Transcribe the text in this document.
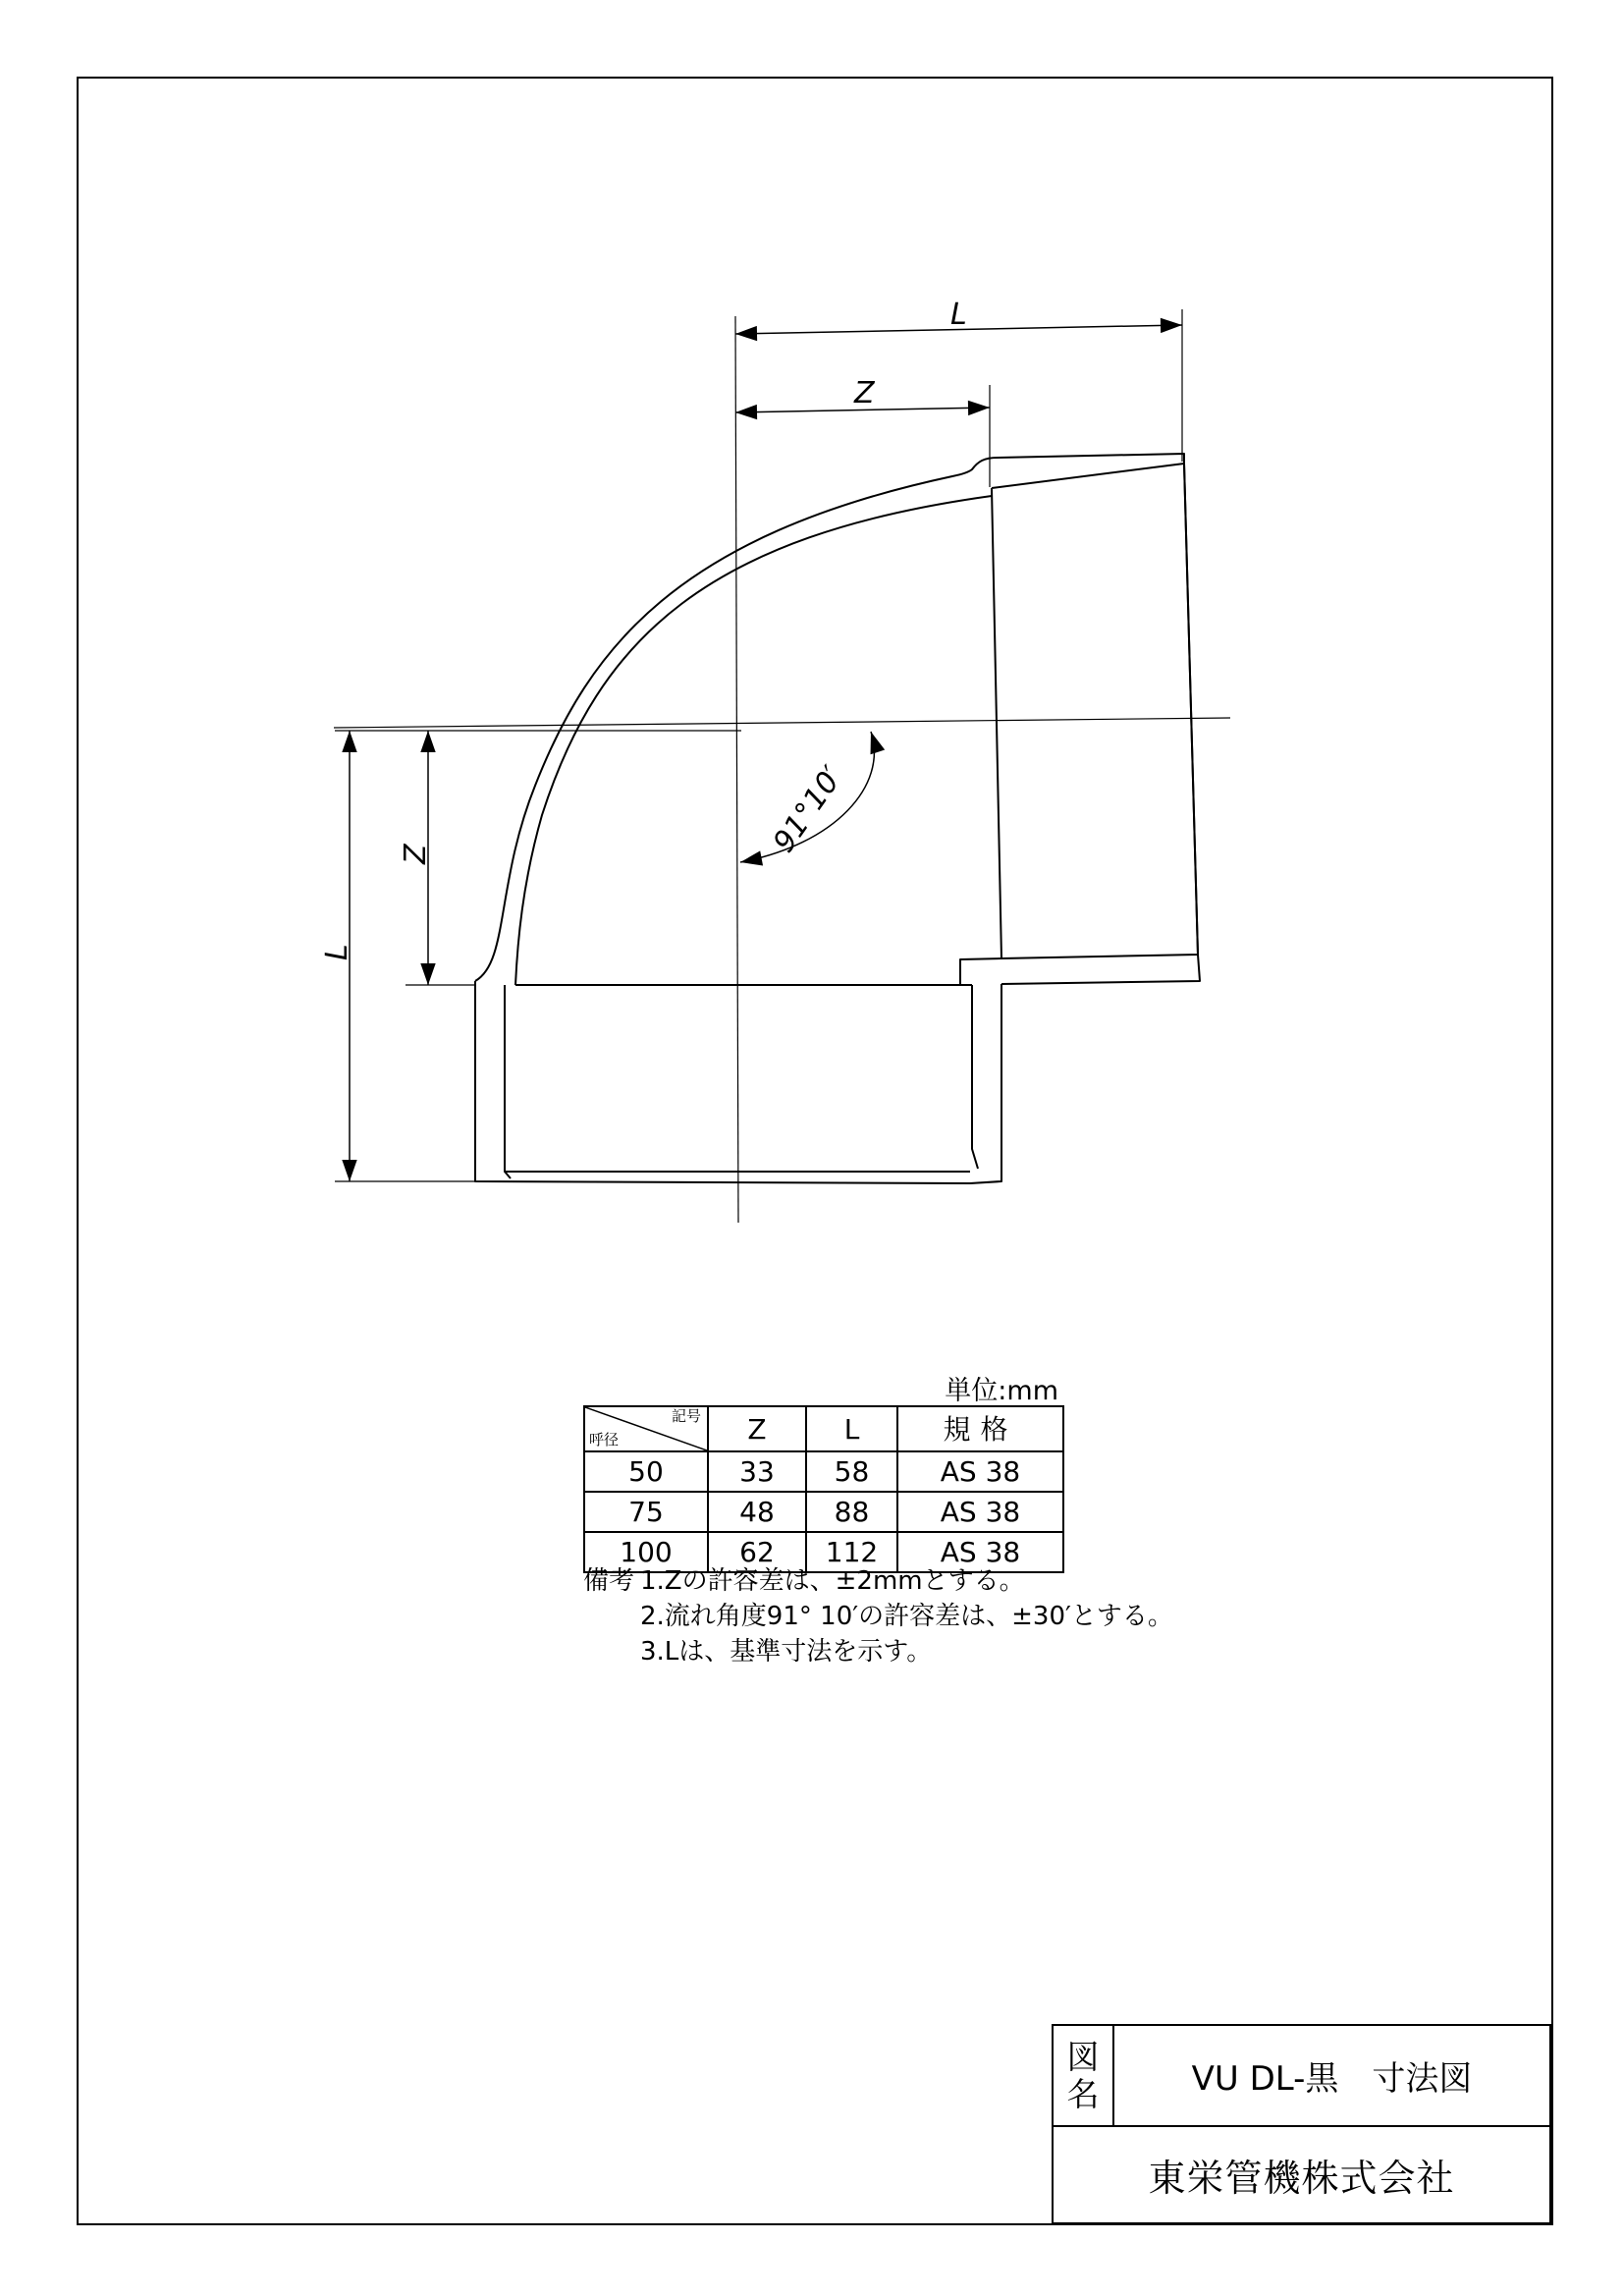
L
Z
L
Z	91°10′
単位:mm
記号
呼径	Z	L	規格
50	33	58	AS 38
75	48	88	AS 38
100	62	112	AS 38
備考 1.Zの許容差は、±2mmとする。
2.流れ角度91° 10′の許容差は、±30′とする。
3.Lは、基準寸法を示す。
図
名	VU DL-黒　寸法図
東栄管機株式会社
